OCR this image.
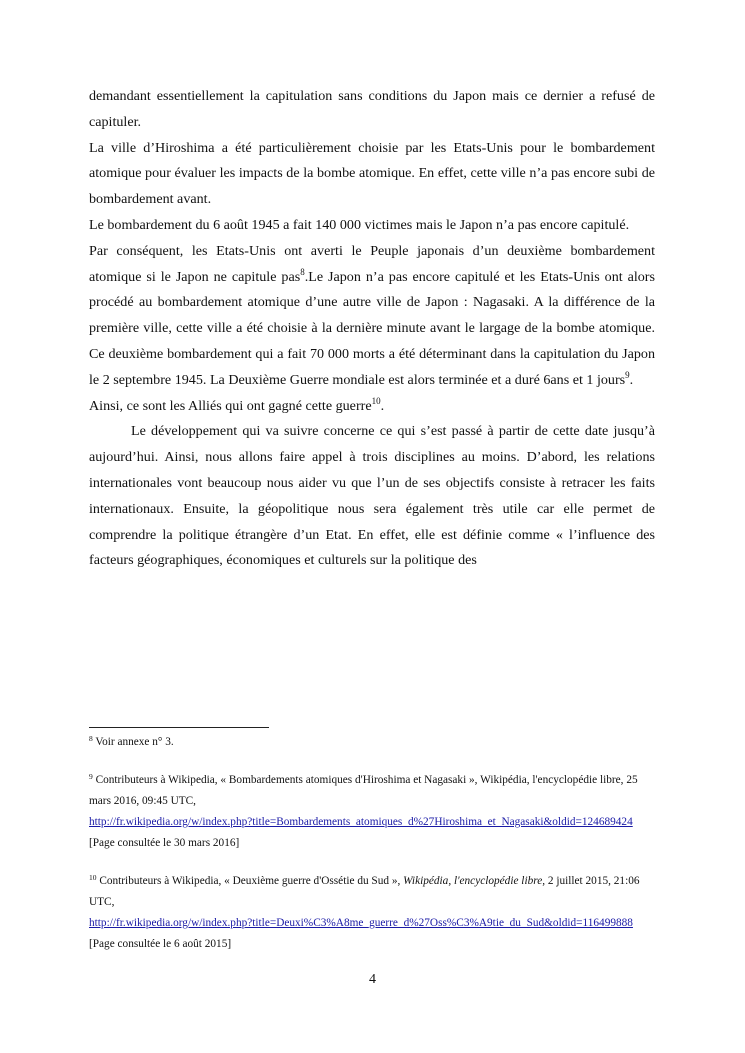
demandant essentiellement la capitulation sans conditions du Japon mais ce dernier a refusé de capituler.

La ville d’Hiroshima a été particulièrement choisie par les Etats-Unis pour le bombardement atomique pour évaluer les impacts de la bombe atomique. En effet, cette ville n’a pas encore subi de bombardement avant.

Le bombardement du 6 août 1945 a fait 140 000 victimes mais le Japon n’a pas encore capitulé.

Par conséquent, les Etats-Unis ont averti le Peuple japonais d’un deuxième bombardement atomique si le Japon ne capitule pas$^8$.Le Japon n’a pas encore capitulé et les Etats-Unis ont alors procédé au bombardement atomique d’une autre ville de Japon : Nagasaki. A la différence de la première ville, cette ville a été choisie à la dernière minute avant le largage de la bombe atomique. Ce deuxième bombardement qui a fait 70 000 morts a été déterminant dans la capitulation du Japon le 2 septembre 1945. La Deuxième Guerre mondiale est alors terminée et a duré 6ans et 1 jours$^9$.

Ainsi, ce sont les Alliés qui ont gagné cette guerre$^{10}$.

Le développement qui va suivre concerne ce qui s’est passé à partir de cette date jusqu’à aujourd’hui. Ainsi, nous allons faire appel à trois disciplines au moins. D’abord, les relations internationales vont beaucoup nous aider vu que l’un de ses objectifs consiste à retracer les faits internationaux. Ensuite, la géopolitique nous sera également très utile car elle permet de comprendre la politique étrangère d’un Etat. En effet, elle est définie comme « l’influence des facteurs géographiques, économiques et culturels sur la politique des

$^8$ Voir annexe n° 3.

$^9$ Contributeurs à Wikipedia, « Bombardements atomiques d'Hiroshima et Nagasaki », Wikipédia, l'encyclopédie libre, 25 mars 2016, 09:45 UTC,
http://fr.wikipedia.org/w/index.php?title=Bombardements_atomiques_d%27Hiroshima_et_Nagasaki&oldid=124689424 [Page consultée le 30 mars 2016]

$^{10}$ Contributeurs à Wikipedia, « Deuxième guerre d'Ossétie du Sud », Wikipédia, l'encyclopédie libre, 2 juillet 2015, 21:06 UTC,
http://fr.wikipedia.org/w/index.php?title=Deuxi%C3%A8me_guerre_d%27Oss%C3%A9tie_du_Sud&oldid=116499888 [Page consultée le 6 août 2015]

4
